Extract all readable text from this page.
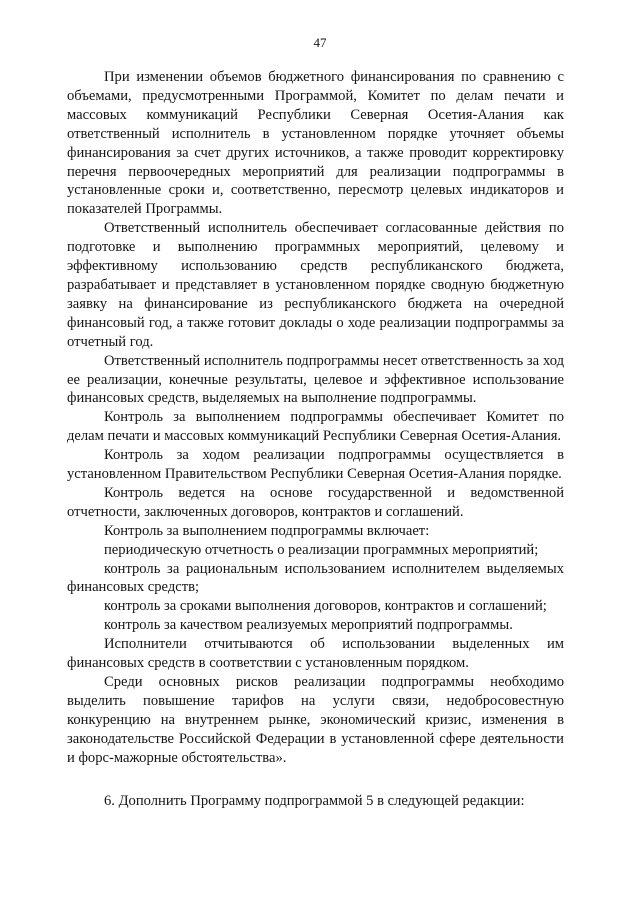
47

При изменении объемов бюджетного финансирования по сравнению с объемами, предусмотренными Программой, Комитет по делам печати и массовых коммуникаций Республики Северная Осетия-Алания как ответственный исполнитель в установленном порядке уточняет объемы финансирования за счет других источников, а также проводит корректировку перечня первоочередных мероприятий для реализации подпрограммы в установленные сроки и, соответственно, пересмотр целевых индикаторов и показателей Программы.

Ответственный исполнитель обеспечивает согласованные действия по подготовке и выполнению программных мероприятий, целевому и эффективному использованию средств республиканского бюджета, разрабатывает и представляет в установленном порядке сводную бюджетную заявку на финансирование из республиканского бюджета на очередной финансовый год, а также готовит доклады о ходе реализации подпрограммы за отчетный год.

Ответственный исполнитель подпрограммы несет ответственность за ход ее реализации, конечные результаты, целевое и эффективное использование финансовых средств, выделяемых на выполнение подпрограммы.

Контроль за выполнением подпрограммы обеспечивает Комитет по делам печати и массовых коммуникаций Республики Северная Осетия-Алания.

Контроль за ходом реализации подпрограммы осуществляется в установленном Правительством Республики Северная Осетия-Алания порядке.

Контроль ведется на основе государственной и ведомственной отчетности, заключенных договоров, контрактов и соглашений.

Контроль за выполнением подпрограммы включает:

периодическую отчетность о реализации программных мероприятий;

контроль за рациональным использованием исполнителем выделяемых финансовых средств;

контроль за сроками выполнения договоров, контрактов и соглашений;

контроль за качеством реализуемых мероприятий подпрограммы.

Исполнители отчитываются об использовании выделенных им финансовых средств в соответствии с установленным порядком.

Среди основных рисков реализации подпрограммы необходимо выделить повышение тарифов на услуги связи, недобросовестную конкуренцию на внутреннем рынке, экономический кризис, изменения в законодательстве Российской Федерации в установленной сфере деятельности и форс-мажорные обстоятельства».

6. Дополнить Программу подпрограммой 5 в следующей редакции:
